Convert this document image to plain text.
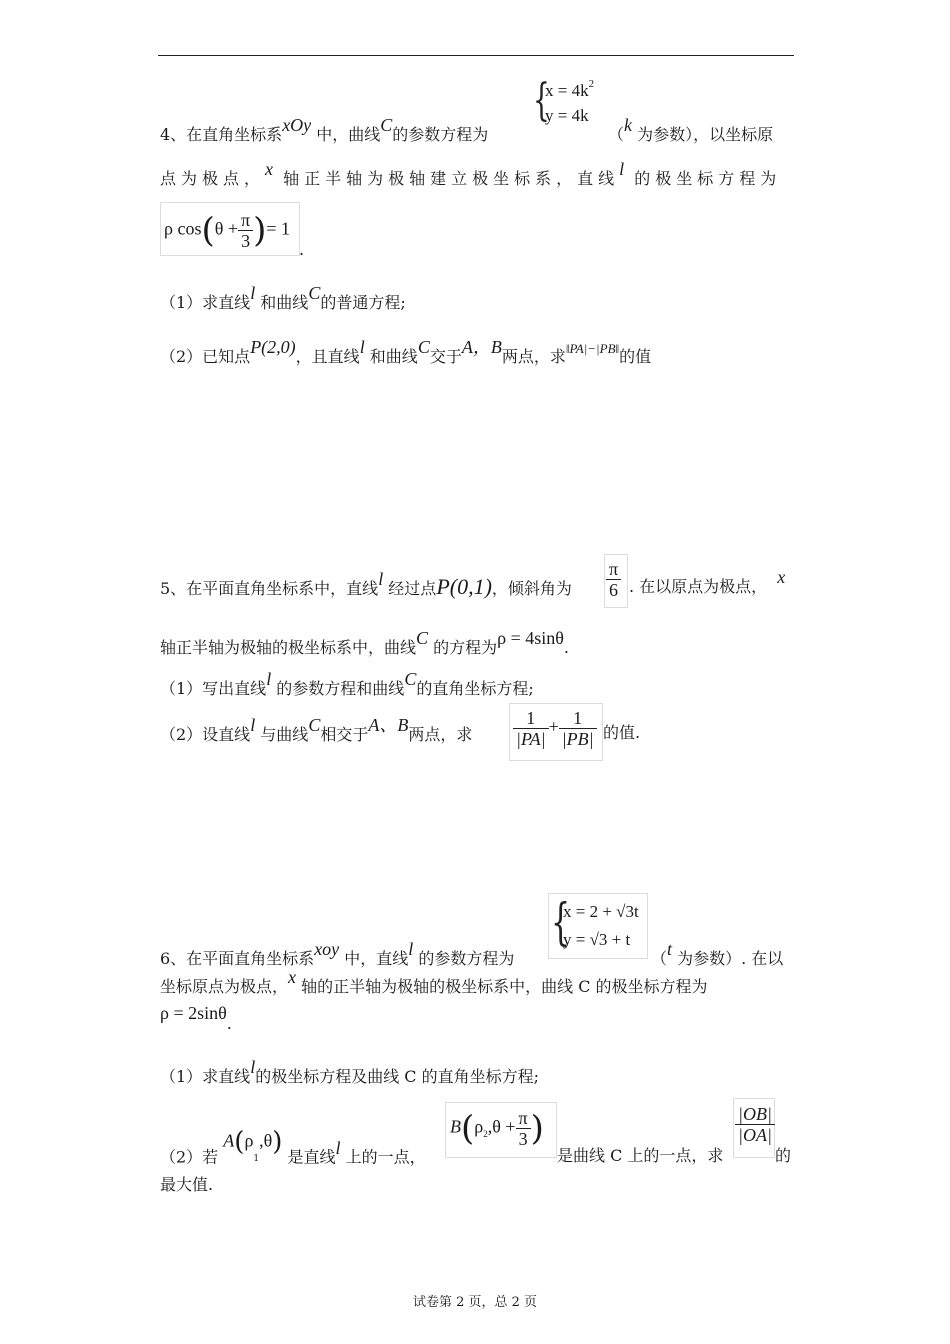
{
$x = 4k^2$
y = 4k
4、在直角坐标系xOy 中，曲线C的参数方程为	（k 为参数），以坐标原
点为极点，x 轴正半轴为极轴建立极坐标系，直线l 的极坐标方程为
ρ $\cos(\theta + \frac{\pi}{3}$ )= 1
.
（1）求直线l 和曲线C的普通方程;
（2）已知点P(2,0)，且直线l 和曲线C交于A，B两点，求$^{‖PA|-|PB‖}$的值
5、在平面直角坐标系中，直线l 经过点P(0,1)，倾斜角为 $\frac{\pi}{6}$ . 在以原点为极点， x
轴正半轴为极轴的极坐标系中，曲线C 的方程为ρ = 4sinθ.
（1）写出直线l 的参数方程和曲线C的直角坐标方程;
（2）设直线l 与曲线C相交于A、B两点，求 $\frac{1}{|PA|} + \frac{1}{|PB|}$ 的值.
{
x = 2 + √3t
y = √3 + t
6、在平面直角坐标系xoy 中，直线l 的参数方程为	（t 为参数）. 在以
坐标原点为极点，x 轴的正半轴为极轴的极坐标系中，曲线 C 的极坐标方程为
ρ = 2sinθ.
（1）求直线l的极坐标方程及曲线 C 的直角坐标方程;
（2）若 $A(\rho_1,\theta)$ 是直线l 上的一点，
$B(\rho_2,\theta + \frac{\pi}{3}$ )
是曲线 C 上的一点，求
$\frac{|OB|}{|OA|}$
的
最大值.
试卷第 2 页，总 2 页
